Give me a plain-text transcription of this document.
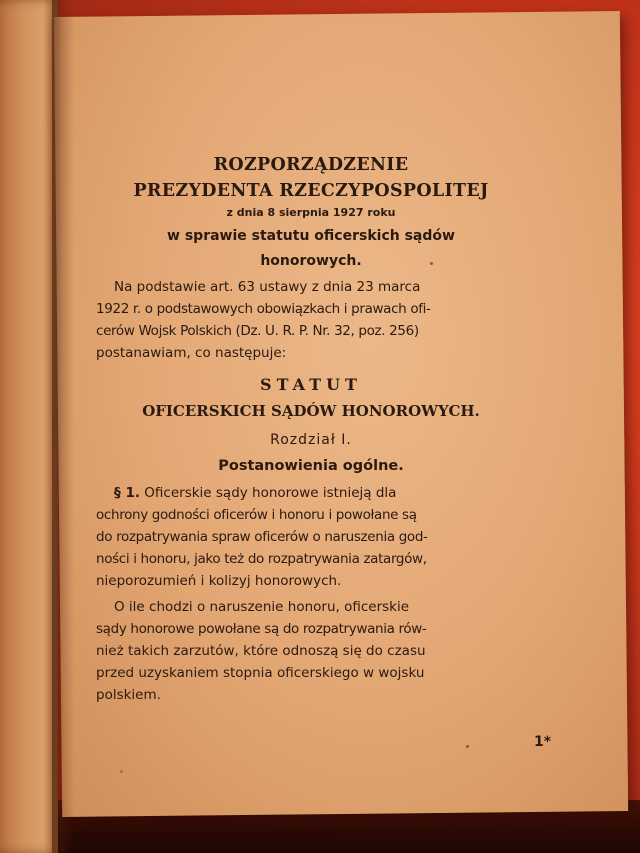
ROZPORZĄDZENIE
PREZYDENTA RZECZYPOSPOLITEJ
z dnia 8 sierpnia 1927 roku
w sprawie statutu oficerskich sądów
honorowych.
Na podstawie art. 63 ustawy z dnia 23 marca
1922 r. o podstawowych obowiązkach i prawach ofi-
cerów Wojsk Polskich (Dz. U. R. P. Nr. 32, poz. 256)
postanawiam, co następuje:
STATUT
OFICERSKICH SĄDÓW HONOROWYCH.
Rozdział I.
Postanowienia ogólne.
§ 1. Oficerskie sądy honorowe istnieją dla
ochrony godności oficerów i honoru i powołane są
do rozpatrywania spraw oficerów o naruszenia god-
ności i honoru, jako też do rozpatrywania zatargów,
nieporozumień i kolizyj honorowych.
O ile chodzi o naruszenie honoru, oficerskie
sądy honorowe powołane są do rozpatrywania rów-
nież takich zarzutów, które odnoszą się do czasu
przed uzyskaniem stopnia oficerskiego w wojsku
polskiem.
1*
